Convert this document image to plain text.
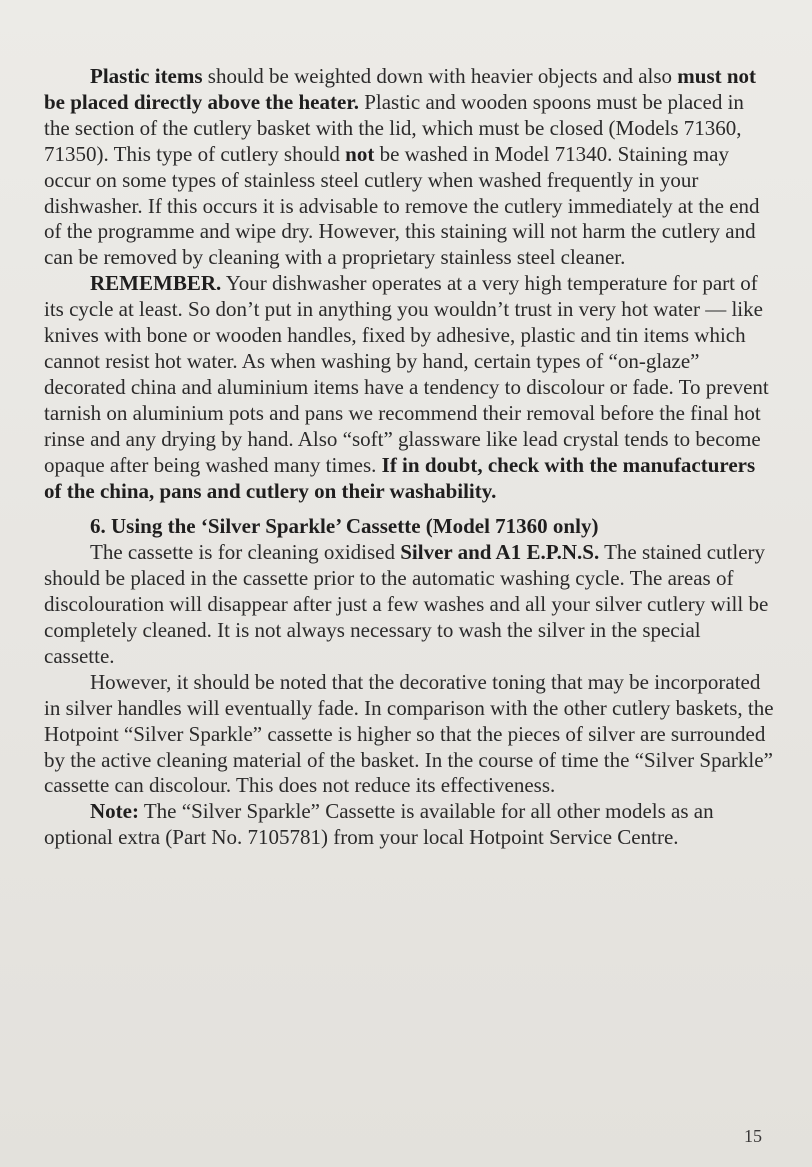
Plastic items should be weighted down with heavier objects and also must not be placed directly above the heater. Plastic and wooden spoons must be placed in the section of the cutlery basket with the lid, which must be closed (Models 71360, 71350). This type of cutlery should not be washed in Model 71340. Staining may occur on some types of stainless steel cutlery when washed frequently in your dishwasher. If this occurs it is advisable to remove the cutlery immediately at the end of the programme and wipe dry. However, this staining will not harm the cutlery and can be removed by cleaning with a proprietary stainless steel cleaner.

REMEMBER. Your dishwasher operates at a very high temperature for part of its cycle at least. So don’t put in anything you wouldn’t trust in very hot water — like knives with bone or wooden handles, fixed by adhesive, plastic and tin items which cannot resist hot water. As when washing by hand, certain types of “on-glaze” decorated china and aluminium items have a tendency to discolour or fade. To prevent tarnish on aluminium pots and pans we recommend their removal before the final hot rinse and any drying by hand. Also “soft” glassware like lead crystal tends to become opaque after being washed many times. If in doubt, check with the manufacturers of the china, pans and cutlery on their washability.

6. Using the ‘Silver Sparkle’ Cassette (Model 71360 only)

The cassette is for cleaning oxidised Silver and A1 E.P.N.S. The stained cutlery should be placed in the cassette prior to the automatic washing cycle. The areas of discolouration will disappear after just a few washes and all your silver cutlery will be completely cleaned. It is not always necessary to wash the silver in the special cassette.

However, it should be noted that the decorative toning that may be incorporated in silver handles will eventually fade. In comparison with the other cutlery baskets, the Hotpoint “Silver Sparkle” cassette is higher so that the pieces of silver are surrounded by the active cleaning material of the basket. In the course of time the “Silver Sparkle” cassette can discolour. This does not reduce its effectiveness.

Note: The “Silver Sparkle” Cassette is available for all other models as an optional extra (Part No. 7105781) from your local Hotpoint Service Centre.

15
